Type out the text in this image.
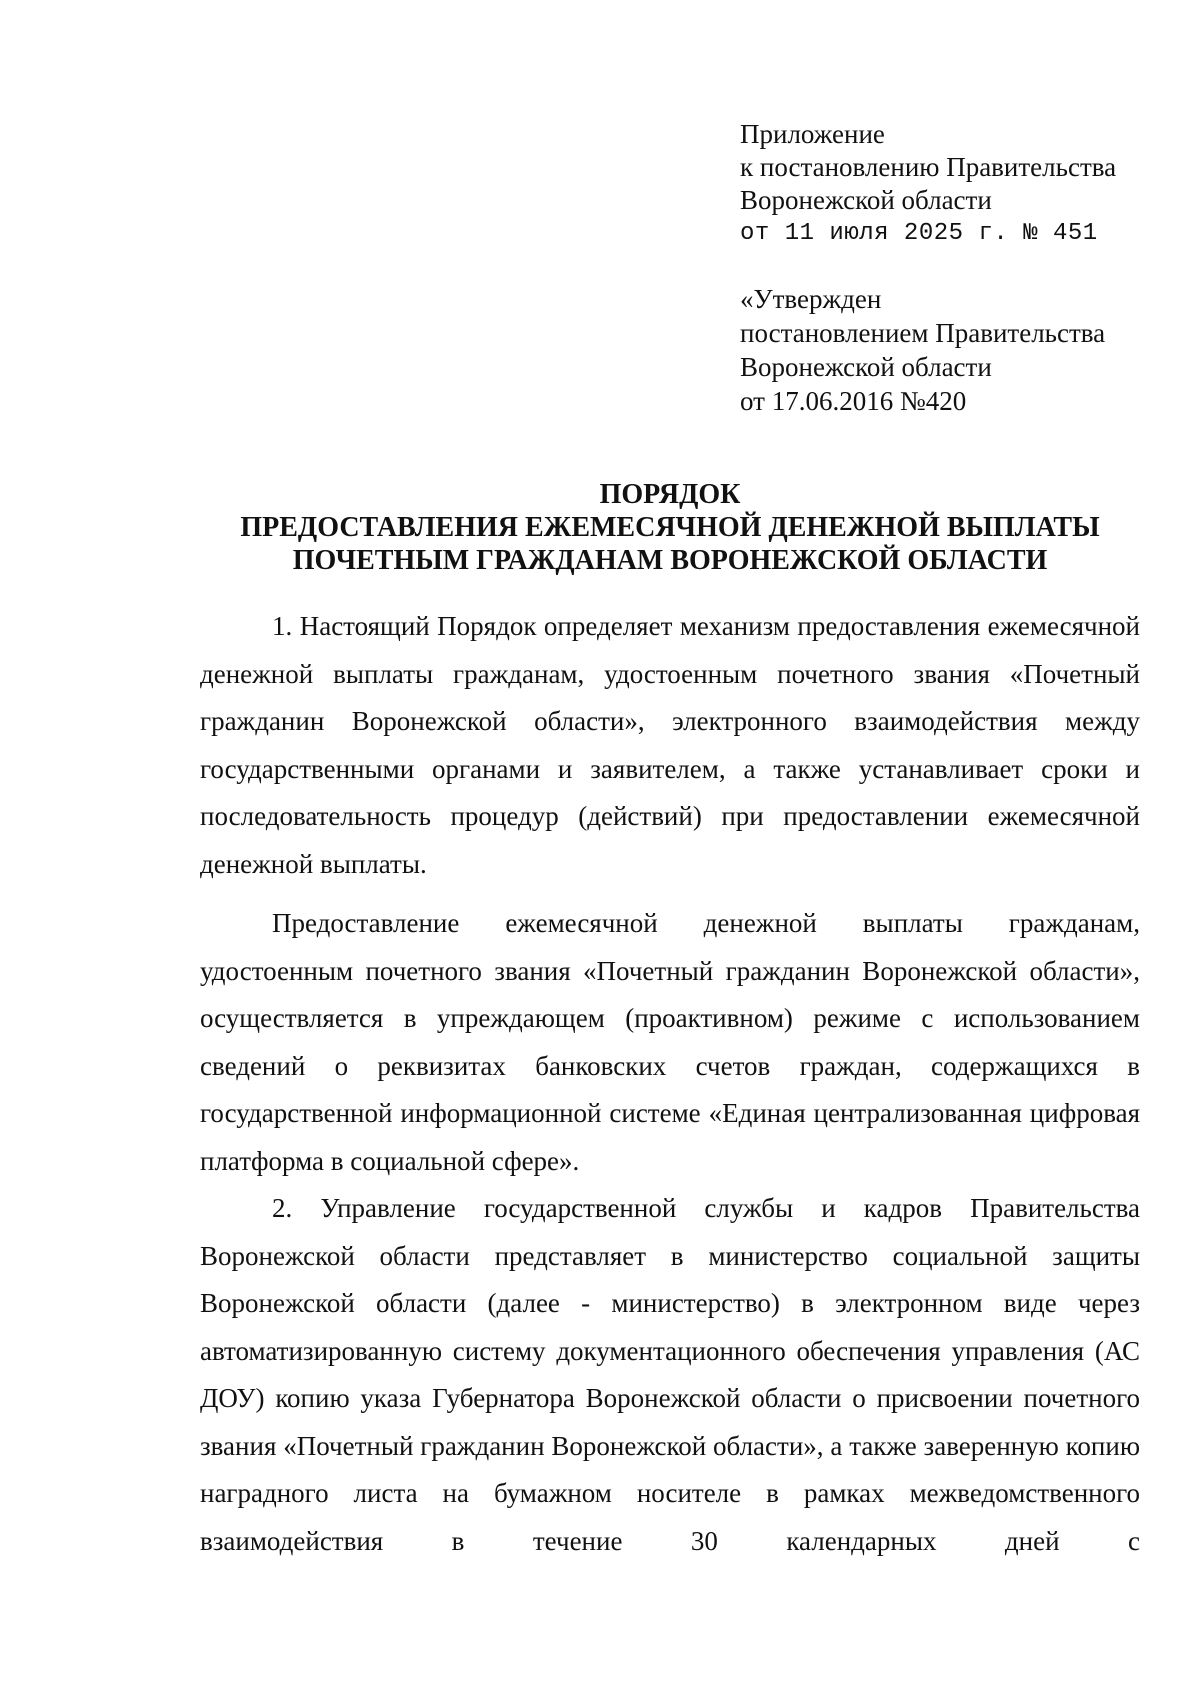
Приложение
к постановлению Правительства
Воронежской области
от 11 июля 2025 г. № 451
«Утвержден
постановлением Правительства
Воронежской области
от 17.06.2016 №420
ПОРЯДОК
ПРЕДОСТАВЛЕНИЯ ЕЖЕМЕСЯЧНОЙ ДЕНЕЖНОЙ ВЫПЛАТЫ
ПОЧЕТНЫМ ГРАЖДАНАМ ВОРОНЕЖСКОЙ ОБЛАСТИ

1. Настоящий Порядок определяет механизм предоставления ежемесячной денежной выплаты гражданам, удостоенным почетного звания «Почетный гражданин Воронежской области», электронного взаимодействия между государственными органами и заявителем, а также устанавливает сроки и последовательность процедур (действий) при предоставлении ежемесячной денежной выплаты.

Предоставление ежемесячной денежной выплаты гражданам, удостоенным почетного звания «Почетный гражданин Воронежской области», осуществляется в упреждающем (проактивном) режиме с использованием сведений о реквизитах банковских счетов граждан, содержащихся в государственной информационной системе «Единая централизованная цифровая платформа в социальной сфере».

2. Управление государственной службы и кадров Правительства Воронежской области представляет в министерство социальной защиты Воронежской области (далее - министерство) в электронном виде через автоматизированную систему документационного обеспечения управления (АС ДОУ) копию указа Губернатора Воронежской области о присвоении почетного звания «Почетный гражданин Воронежской области», а также заверенную копию наградного листа на бумажном носителе в рамках межведомственного взаимодействия в течение 30 календарных дней с
